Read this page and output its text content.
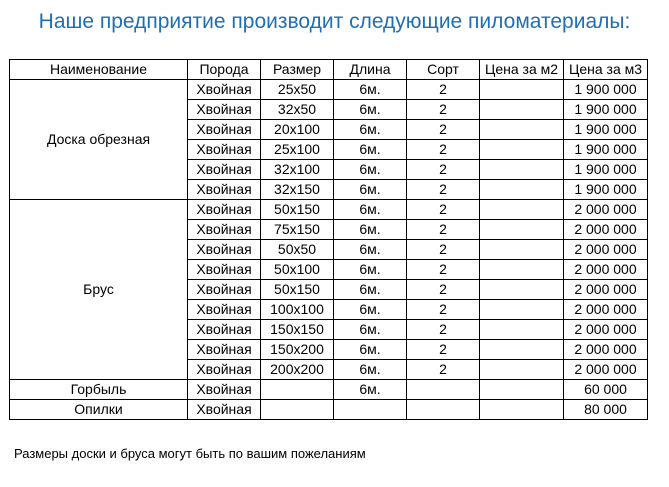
Наше предприятие производит следующие пиломатериалы:
Наименование	Порода	Размер	Длина	Сорт	Цена за м2	Цена за м3
Доска обрезная	Хвойная	25x50	6м.	2		1 900 000
	Хвойная	32x50	6м.	2		1 900 000
	Хвойная	20x100	6м.	2		1 900 000
	Хвойная	25x100	6м.	2		1 900 000
	Хвойная	32x100	6м.	2		1 900 000
	Хвойная	32x150	6м.	2		1 900 000
Брус	Хвойная	50x150	6м.	2		2 000 000
	Хвойная	75x150	6м.	2		2 000 000
	Хвойная	50x50	6м.	2		2 000 000
	Хвойная	50x100	6м.	2		2 000 000
	Хвойная	50x150	6м.	2		2 000 000
	Хвойная	100x100	6м.	2		2 000 000
	Хвойная	150x150	6м.	2		2 000 000
	Хвойная	150x200	6м.	2		2 000 000
	Хвойная	200x200	6м.	2		2 000 000
Горбыль	Хвойная		6м.			60 000
Опилки	Хвойная					80 000
Размеры доски и бруса могут быть по вашим пожеланиям
